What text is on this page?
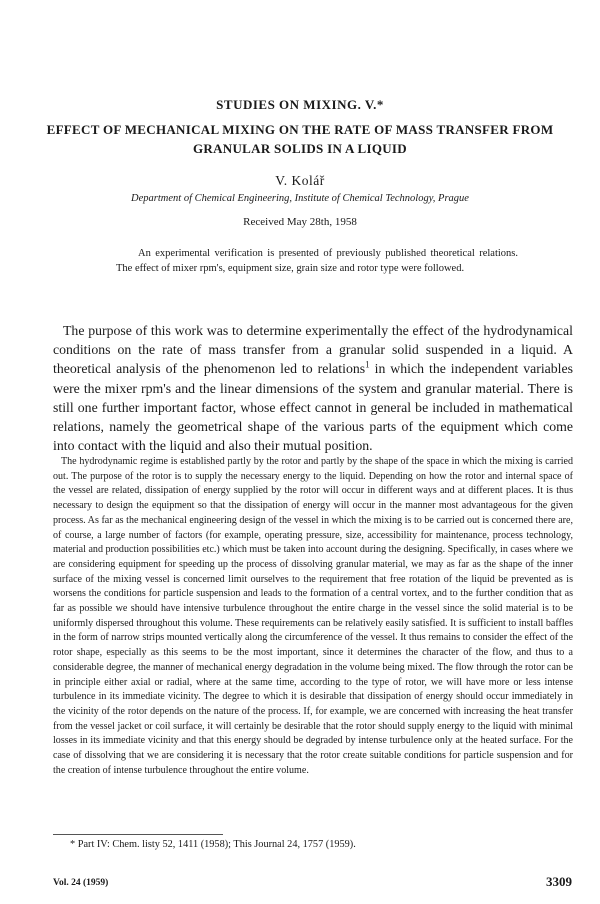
STUDIES ON MIXING. V.*
EFFECT OF MECHANICAL MIXING ON THE RATE OF MASS TRANSFER FROM GRANULAR SOLIDS IN A LIQUID
V. Kolář
Department of Chemical Engineering, Institute of Chemical Technology, Prague
Received May 28th, 1958
An experimental verification is presented of previously published theoretical relations. The effect of mixer rpm's, equipment size, grain size and rotor type were followed.

The purpose of this work was to determine experimentally the effect of the hydrodynamical conditions on the rate of mass transfer from a granular solid suspended in a liquid. A theoretical analysis of the phenomenon led to relations$^1$ in which the independent variables were the mixer rpm's and the linear dimensions of the system and granular material. There is still one further important factor, whose effect cannot in general be included in mathematical relations, namely the geometrical shape of the various parts of the equipment which come into contact with the liquid and also their mutual position.

The hydrodynamic regime is established partly by the rotor and partly by the shape of the space in which the mixing is carried out. The purpose of the rotor is to supply the necessary energy to the liquid. Depending on how the rotor and internal space of the vessel are related, dissipation of energy supplied by the rotor will occur in different ways and at different places. It is thus necessary to design the equipment so that the dissipation of energy will occur in the manner most advantageous for the given process. As far as the mechanical engineering design of the vessel in which the mixing is to be carried out is concerned there are, of course, a large number of factors (for example, operating pressure, size, accessibility for maintenance, process technology, material and production possibilities etc.) which must be taken into account during the designing. Specifically, in cases where we are considering equipment for speeding up the process of dissolving granular material, we may as far as the shape of the inner surface of the mixing vessel is concerned limit ourselves to the requirement that free rotation of the liquid be prevented as is worsens the conditions for particle suspension and leads to the formation of a central vortex, and to the further condition that as far as possible we should have intensive turbulence throughout the entire charge in the vessel since the solid material is to be uniformly dispersed throughout this volume. These requirements can be relatively easily satisfied. It is sufficient to install baffles in the form of narrow strips mounted vertically along the circumference of the vessel. It thus remains to consider the effect of the rotor shape, especially as this seems to be the most important, since it determines the character of the flow, and thus to a considerable degree, the manner of mechanical energy degradation in the volume being mixed. The flow through the rotor can be in principle either axial or radial, where at the same time, according to the type of rotor, we will have more or less intense turbulence in its immediate vicinity. The degree to which it is desirable that dissipation of energy should occur immediately in the vicinity of the rotor depends on the nature of the process. If, for example, we are concerned with increasing the heat transfer from the vessel jacket or coil surface, it will certainly be desirable that the rotor should supply energy to the liquid with minimal losses in its immediate vicinity and that this energy should be degraded by intense turbulence only at the heated surface. For the case of dissolving that we are considering it is necessary that the rotor create suitable conditions for particle suspension and for the creation of intense turbulence throughout the entire volume.

* Part IV: Chem. listy 52, 1411 (1958); This Journal 24, 1757 (1959).
Vol. 24 (1959)	3309
